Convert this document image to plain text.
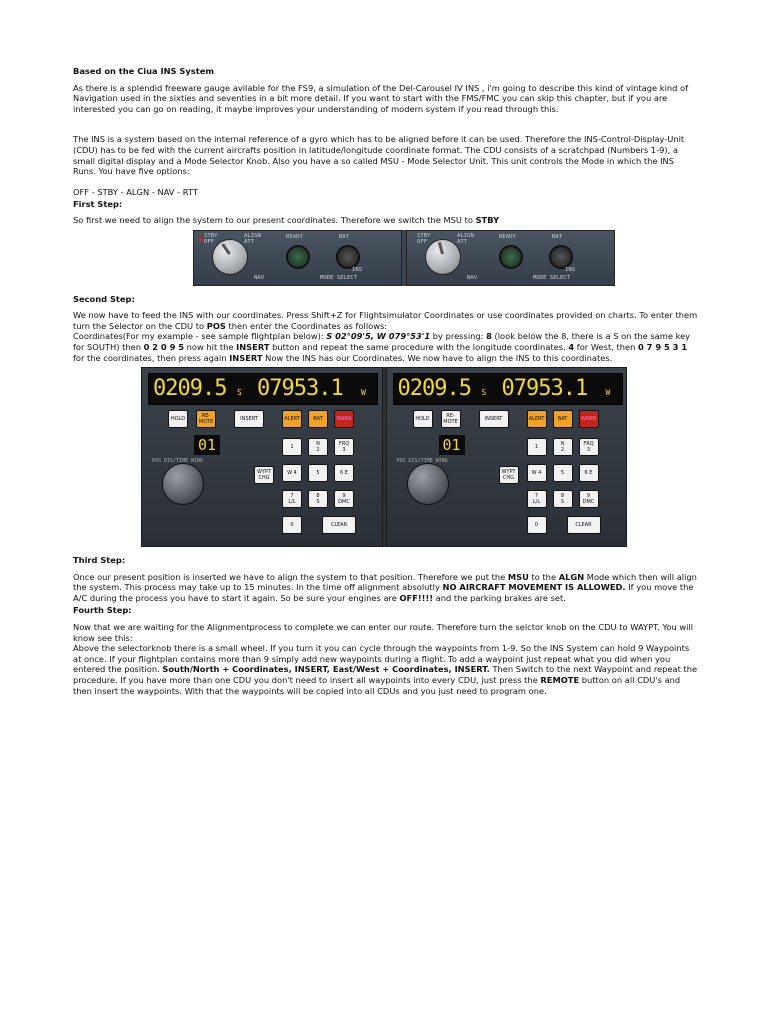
Based on the Ciua INS System

As there is a splendid freeware gauge avilable for the FS9, a simulation of the Del-Carousel IV INS , i'm going to describe this kind of vintage kind of Navigation used in the sixties and seventies in a bit more detail. If you want to start with the FMS/FMC you can skip this chapter, but if you are interested you can go on reading, it maybe improves your understanding of modern system if you read through this.

The INS is a system based on the internal reference of a gyro which has to be aligned before it can be used. Therefore the INS-Control-Display-Unit (CDU) has to be fed with the current aircrafts position in latitude/longitude coordinate format. The CDU consists of a scratchpad (Numbers 1-9), a small digital display and a Mode Selector Knob. Also you have a so called MSU - Mode Selector Unit. This unit controls the Mode in which the INS Runs. You have five options:

OFF - STBY - ALGN - NAV - RTT

First Step:

So first we need to align the system to our present coordinates. Therefore we switch the MSU to STBY

➜ STBY
OFF
ALIGN
ATT
NAV
READY	BAT
INS
MODE SELECT
STBY
OFF
ALIGN
ATT
NAV
READY	BAT
INS
MODE SELECT

Second Step:

We now have to feed the INS with our coordinates. Press Shift+Z for Flightsimulator Coordinates or use coordinates provided on charts. To enter them turn the Selector on the CDU to POS then enter the Coordinates as follows:
Coordinates(For my example - see sample flightplan below): S 02°09'5, W 079°53'1 by pressing: 8 (look below the 8, there is a S on the same key for SOUTH) then 0 2 0 9 5 now hit the INSERT button and repeat the same procedure with the longitude coordinates. 4 for West, then 0 7 9 5 3 1 for the coordinates, then press again INSERT Now the INS has our Coordinates. We now have to align the INS to this coordinates.

0209.5 S 07953.1 W
HOLD	RE-
MOTE	INSERT	ALERT	BAT	WARN
01
WYPT
CHG
1	N
2
FRQ
3
W 4	5	6 E
7
L/L
8
S
9
DMC
0	CLEAR
POS DIS/TIME WIND
0209.5 S 07953.1 W
HOLD	RE-
MOTE	INSERT	ALERT	BAT	WARN
01
WYPT
CHG
1	N
2
FRQ
3
W 4	5	6 E
7
L/L
8
S
9
DMC
0	CLEAR
POS DIS/TIME WIND

Third Step:

Once our present position is inserted we have to align the system to that position. Therefore we put the MSU to the ALGN Mode which then will align the system. This process may take up to 15 minutes. In the time off alignment absolutly NO AIRCRAFT MOVEMENT IS ALLOWED. If you move the A/C during the process you have to start it again. So be sure your engines are OFF!!!! and the parking brakes are set.

Fourth Step:

Now that we are waiting for the Alignmentprocess to complete we can enter our route. Therefore turn the selctor knob on the CDU to WAYPT. You will know see this:
Above the selectorknob there is a small wheel. If you turn it you can cycle through the waypoints from 1-9. So the INS System can hold 9 Waypoints at once. If your flightplan contains more than 9 simply add new waypoints during a flight. To add a waypoint just repeat what you did when you entered the position. South/North + Coordinates, INSERT, East/West + Coordinates, INSERT. Then Switch to the next Waypoint and repeat the procedure. If you have more than one CDU you don't need to insert all waypoints into every CDU, just press the REMOTE button on all CDU's and then insert the waypoints. With that the waypoints will be copied into all CDUs and you just need to program one.
